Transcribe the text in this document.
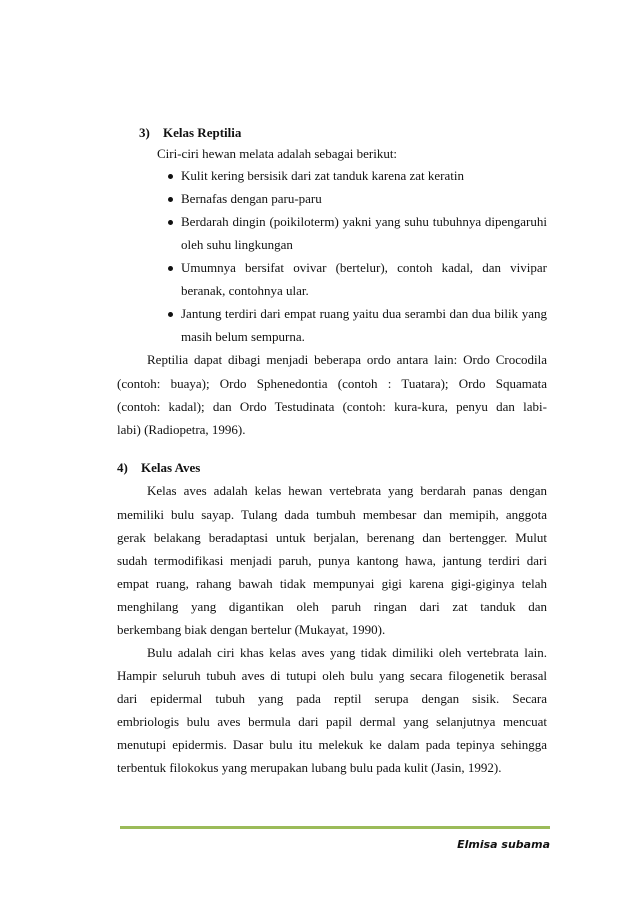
3) Kelas Reptilia
Ciri-ciri hewan melata adalah sebagai berikut:
Kulit kering bersisik dari zat tanduk karena zat keratin
Bernafas dengan paru-paru
Berdarah dingin (poikiloterm) yakni yang suhu tubuhnya dipengaruhi
oleh suhu lingkungan
Umumnya bersifat ovivar (bertelur), contoh kadal, dan vivipar
beranak, contohnya ular.
Jantung terdiri dari empat ruang yaitu dua serambi dan dua bilik yang
masih belum sempurna.
Reptilia dapat dibagi menjadi beberapa ordo antara lain: Ordo Crocodila
(contoh: buaya); Ordo Sphenedontia (contoh : Tuatara); Ordo Squamata
(contoh: kadal); dan Ordo Testudinata (contoh: kura-kura, penyu dan labi-
labi) (Radiopetra, 1996).
4) Kelas Aves
Kelas aves adalah kelas hewan vertebrata yang berdarah panas dengan
memiliki bulu sayap. Tulang dada tumbuh membesar dan memipih, anggota
gerak belakang beradaptasi untuk berjalan, berenang dan bertengger. Mulut
sudah termodifikasi menjadi paruh, punya kantong hawa, jantung terdiri dari
empat ruang, rahang bawah tidak mempunyai gigi karena gigi-giginya telah
menghilang yang digantikan oleh paruh ringan dari zat tanduk dan
berkembang biak dengan bertelur (Mukayat, 1990).
Bulu adalah ciri khas kelas aves yang tidak dimiliki oleh vertebrata lain.
Hampir seluruh tubuh aves di tutupi oleh bulu yang secara filogenetik berasal
dari epidermal tubuh yang pada reptil serupa dengan sisik. Secara
embriologis bulu aves bermula dari papil dermal yang selanjutnya mencuat
menutupi epidermis. Dasar bulu itu melekuk ke dalam pada tepinya sehingga
terbentuk filokokus yang merupakan lubang bulu pada kulit (Jasin, 1992).
Elmisa subama
